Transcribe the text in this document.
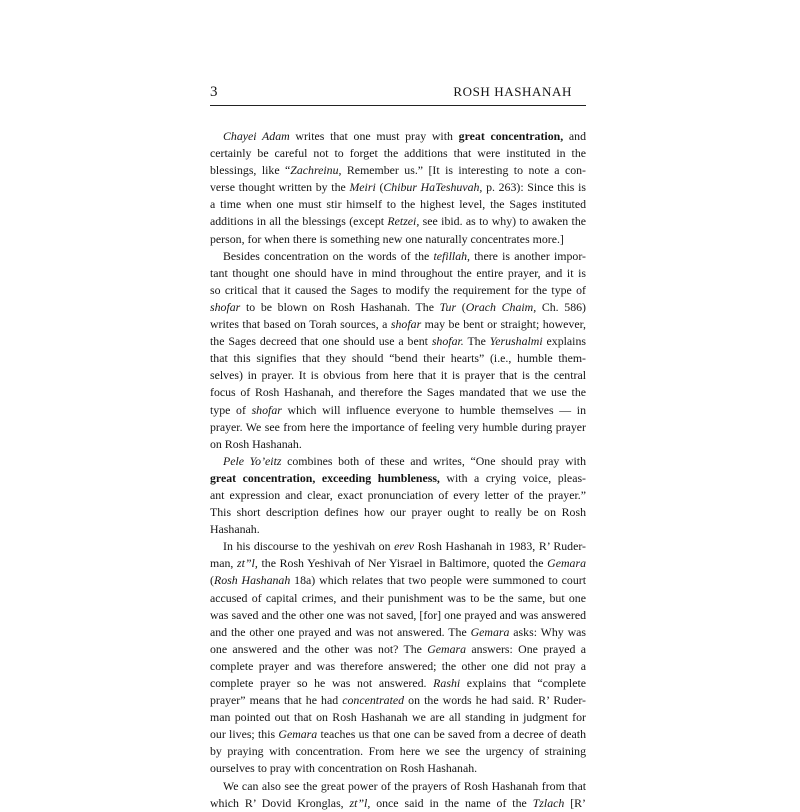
3	ROSH HASHANAH
Chayei Adam writes that one must pray with great concentration, and
certainly be careful not to forget the additions that were instituted in the
blessings, like “Zachreinu, Remember us.” [It is interesting to note a con-
verse thought written by the Meiri (Chibur HaTeshuvah, p. 263): Since this is
a time when one must stir himself to the highest level, the Sages instituted
additions in all the blessings (except Retzei, see ibid. as to why) to awaken the
person, for when there is something new one naturally concentrates more.]
Besides concentration on the words of the tefillah, there is another impor-
tant thought one should have in mind throughout the entire prayer, and it is
so critical that it caused the Sages to modify the requirement for the type of
shofar to be blown on Rosh Hashanah. The Tur (Orach Chaim, Ch. 586)
writes that based on Torah sources, a shofar may be bent or straight; however,
the Sages decreed that one should use a bent shofar. The Yerushalmi explains
that this signifies that they should “bend their hearts” (i.e., humble them-
selves) in prayer. It is obvious from here that it is prayer that is the central
focus of Rosh Hashanah, and therefore the Sages mandated that we use the
type of shofar which will influence everyone to humble themselves — in
prayer. We see from here the importance of feeling very humble during prayer
on Rosh Hashanah.
Pele Yo’eitz combines both of these and writes, “One should pray with
great concentration, exceeding humbleness, with a crying voice, pleas-
ant expression and clear, exact pronunciation of every letter of the prayer.”
This short description defines how our prayer ought to really be on Rosh
Hashanah.
In his discourse to the yeshivah on erev Rosh Hashanah in 1983, R’ Ruder-
man, zt”l, the Rosh Yeshivah of Ner Yisrael in Baltimore, quoted the Gemara
(Rosh Hashanah 18a) which relates that two people were summoned to court
accused of capital crimes, and their punishment was to be the same, but one
was saved and the other one was not saved, [for] one prayed and was answered
and the other one prayed and was not answered. The Gemara asks: Why was
one answered and the other was not? The Gemara answers: One prayed a
complete prayer and was therefore answered; the other one did not pray a
complete prayer so he was not answered. Rashi explains that “complete
prayer” means that he had concentrated on the words he had said. R’ Ruder-
man pointed out that on Rosh Hashanah we are all standing in judgment for
our lives; this Gemara teaches us that one can be saved from a decree of death
by praying with concentration. From here we see the urgency of straining
ourselves to pray with concentration on Rosh Hashanah.
We can also see the great power of the prayers of Rosh Hashanah from that
which R’ Dovid Kronglas, zt”l, once said in the name of the Tzlach [R’
